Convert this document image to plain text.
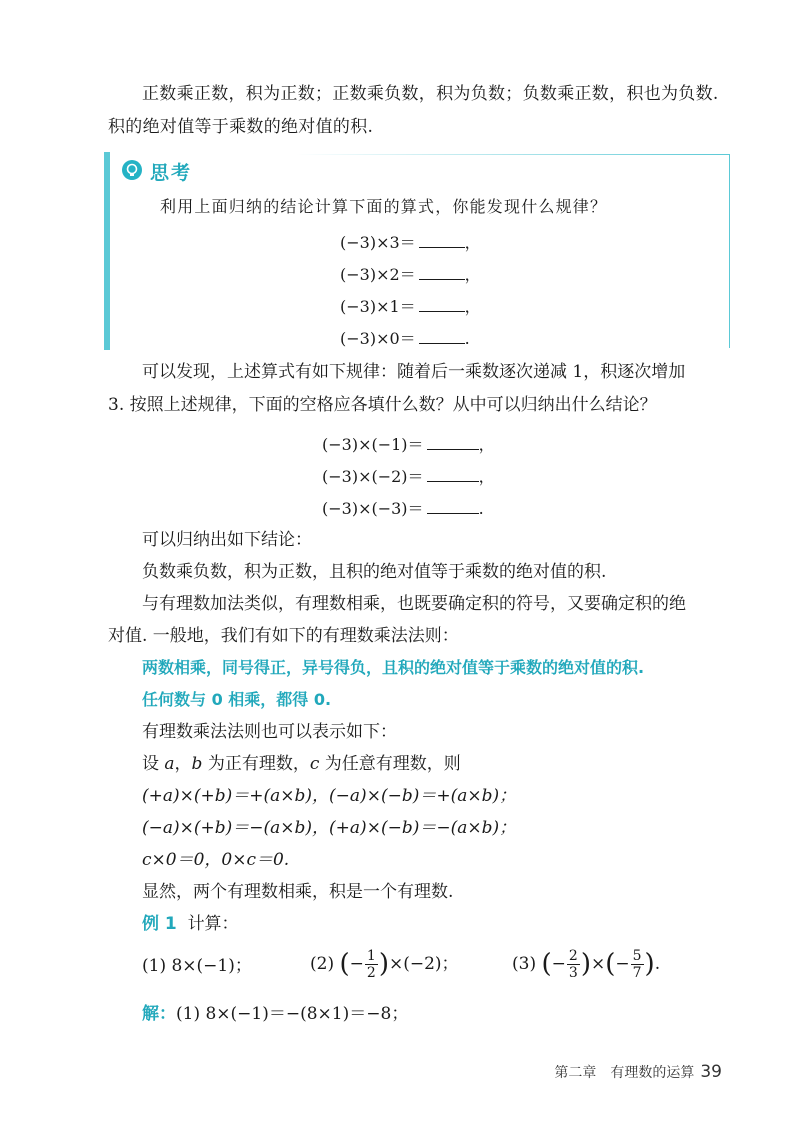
正数乘正数，积为正数；正数乘负数，积为负数；负数乘正数，积也为负数. 积的绝对值等于乘数的绝对值的积.
思考
利用上面归纳的结论计算下面的算式，你能发现什么规律？
(−3)×3＝	，
(−3)×2＝	，
(−3)×1＝	，
(−3)×0＝	.
可以发现，上述算式有如下规律：随着后一乘数逐次递减 1，积逐次增加
3. 按照上述规律，下面的空格应各填什么数？从中可以归纳出什么结论？
(−3)×(−1)＝	，
(−3)×(−2)＝	，
(−3)×(−3)＝	.
可以归纳出如下结论：
负数乘负数，积为正数，且积的绝对值等于乘数的绝对值的积.
与有理数加法类似，有理数相乘，也既要确定积的符号，又要确定积的绝
对值. 一般地，我们有如下的有理数乘法法则：
两数相乘，同号得正，异号得负，且积的绝对值等于乘数的绝对值的积.
任何数与 0 相乘，都得 0.
有理数乘法法则也可以表示如下：
设 a，b 为正有理数，c 为任意有理数，则
(+a)×(+b)＝+(a×b)，(−a)×(−b)＝+(a×b)；
(−a)×(+b)＝−(a×b)，(+a)×(−b)＝−(a×b)；
c×0＝0，0×c＝0.
显然，两个有理数相乘，积是一个有理数.
例 1 计算：
(1) 8×(−1)；	(2) (− $\frac{1}{2} )\times(-2)$；	(3) (− $\frac{2}{3}$ )×(− $\frac{5}{7}$ ).
解：(1) 8×(−1)＝−(8×1)＝−8；
第二章　有理数的运算 39
